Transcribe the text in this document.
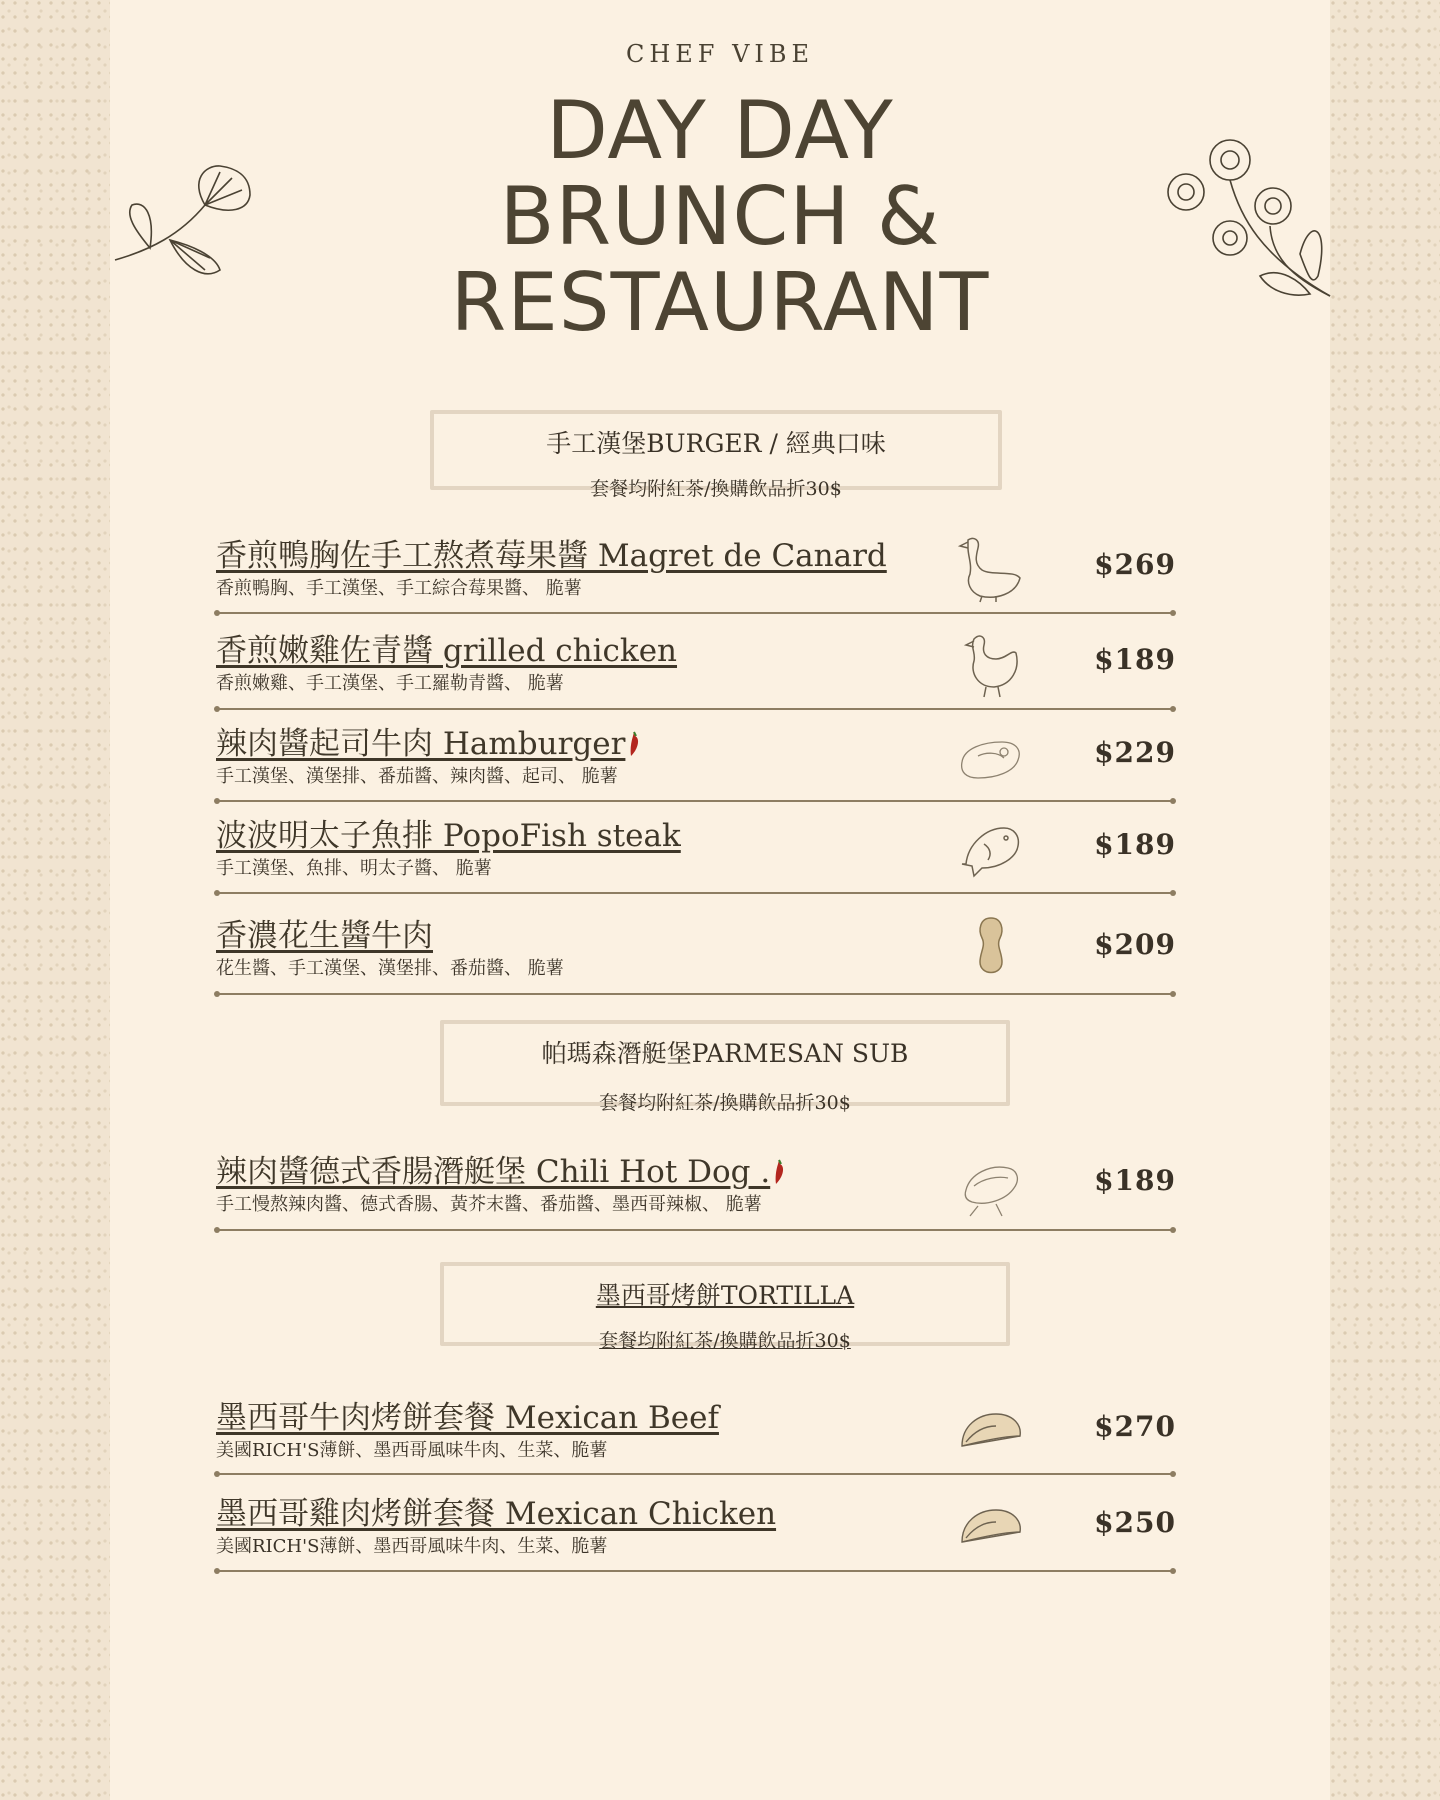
CHEF VIBE
DAY DAY
BRUNCH &
RESTAURANT
手工漢堡BURGER / 經典口味
套餐均附紅茶/換購飲品折30$
香煎鴨胸佐手工熬煮莓果醬 Magret de Canard
香煎鴨胸、手工漢堡、手工綜合莓果醬、 脆薯
$269
香煎嫩雞佐青醬 grilled chicken
香煎嫩雞、手工漢堡、手工羅勒青醬、 脆薯
$189
辣肉醬起司牛肉 Hamburger
手工漢堡、漢堡排、番茄醬、辣肉醬、起司、 脆薯
$229
波波明太子魚排 PopoFish steak
手工漢堡、魚排、明太子醬、 脆薯
$189
香濃花生醬牛肉
花生醬、手工漢堡、漢堡排、番茄醬、 脆薯
$209
帕瑪森潛艇堡PARMESAN SUB
套餐均附紅茶/換購飲品折30$
辣肉醬德式香腸潛艇堡 Chili Hot Dog .
手工慢熬辣肉醬、德式香腸、黃芥末醬、番茄醬、墨西哥辣椒、 脆薯
$189
墨西哥烤餅TORTILLA
套餐均附紅茶/換購飲品折30$
墨西哥牛肉烤餅套餐 Mexican Beef
美國RICH'S薄餅、墨西哥風味牛肉、生菜、脆薯
$270
墨西哥雞肉烤餅套餐 Mexican Chicken
美國RICH'S薄餅、墨西哥風味牛肉、生菜、脆薯
$250
